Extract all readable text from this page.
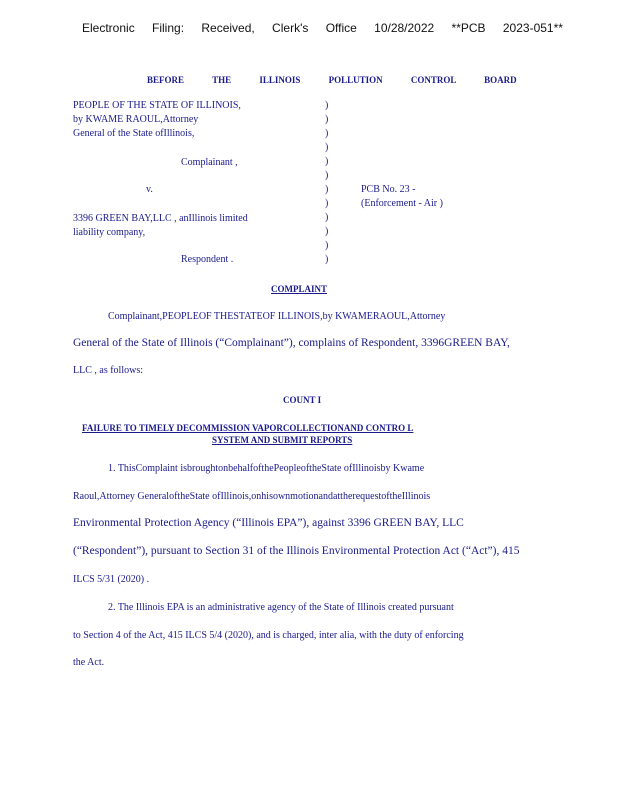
Electronic Filing: Received, Clerk's Office 10/28/2022 **PCB 2023-051**
BEFORE THE ILLINOIS POLLUTION CONTROL BOARD
PEOPLE OF THE STATE OF ILLINOIS,
by KWAME RAOUL,Attorney
General of the State ofIllinois,
Complainant ,
v.
3396 GREEN BAY,LLC , anIllinois limited
liability company,
Respondent .
)
)
)
)
)
)
)
)
)
)
)
)
PCB No. 23 -
(Enforcement - Air )
COMPLAINT
Complainant,PEOPLEOF THESTATEOF ILLINOIS,by KWAMERAOUL,Attorney
General of the State of Illinois (“Complainant”), complains of Respondent, 3396GREEN BAY,
LLC , as follows:
COUNT I
FAILURE TO TIMELY DECOMMISSION VAPORCOLLECTIONAND CONTRO L
SYSTEM AND SUBMIT REPORTS
1. ThisComplaint isbroughtonbehalfofthePeopleoftheState ofIllinoisby Kwame
Raoul,Attorney GeneraloftheState ofIllinois,onhisownmotionandattherequestoftheIllinois
Environmental Protection Agency (“Illinois EPA”), against 3396 GREEN BAY, LLC
(“Respondent”), pursuant to Section 31 of the Illinois Environmental Protection Act (“Act”), 415
ILCS 5/31 (2020) .
2. The Illinois EPA is an administrative agency of the State of Illinois created pursuant
to Section 4 of the Act, 415 ILCS 5/4 (2020), and is charged, inter alia, with the duty of enforcing
the Act.
